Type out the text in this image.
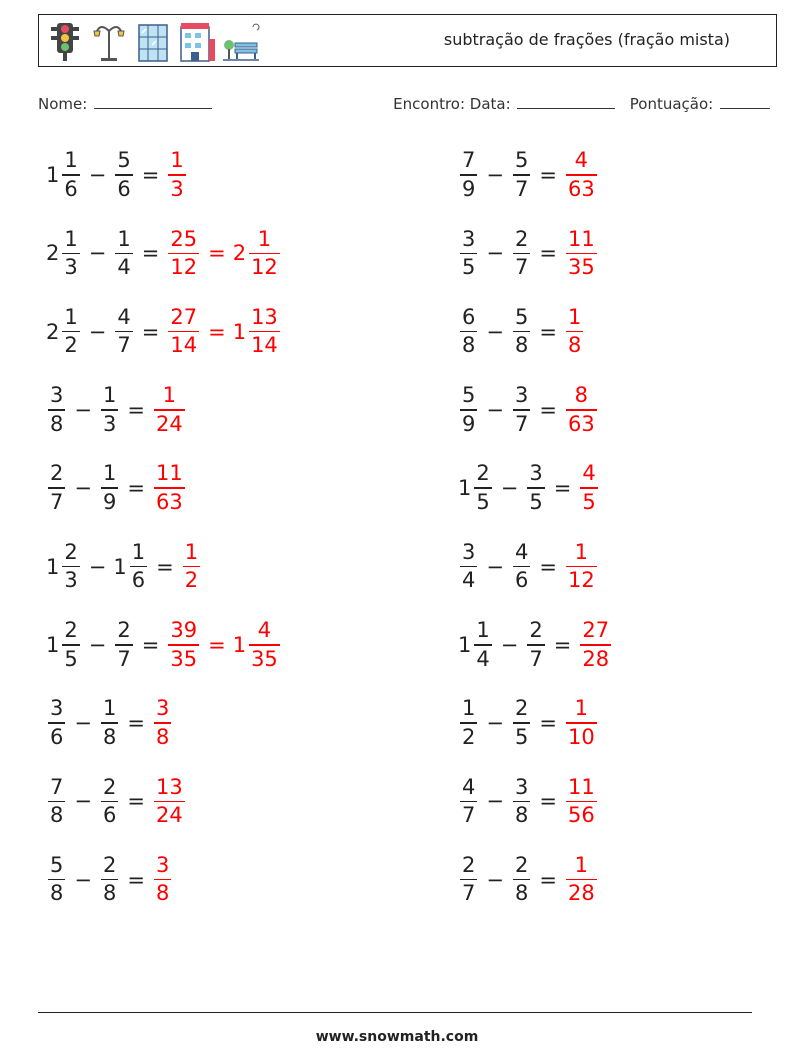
subtração de frações (fração mista)
Nome:	Encontro: Data:	Pontuação:
$1 \frac{1}{6} - \frac{5}{6} = \frac{1}{3}$
$2 \frac{1}{3} - \frac{1}{4} = \frac{25}{12} = 2 \frac{1}{12}$
$2 \frac{1}{2} - \frac{4}{7} = \frac{27}{14} = 1 \frac{13}{14}$
$\frac{3}{8} - \frac{1}{3} = \frac{1}{24}$
$\frac{2}{7} - \frac{1}{9} = \frac{11}{63}$
$1 \frac{2}{3} - 1 \frac{1}{6} = \frac{1}{2}$
$1 \frac{2}{5} - \frac{2}{7} = \frac{39}{35} = 1 \frac{4}{35}$
$\frac{3}{6} - \frac{1}{8} = \frac{3}{8}$
$\frac{7}{8} - \frac{2}{6} = \frac{13}{24}$
$\frac{5}{8} - \frac{2}{8} = \frac{3}{8}$
$\frac{7}{9} - \frac{5}{7} = \frac{4}{63}$
$\frac{3}{5} - \frac{2}{7} = \frac{11}{35}$
$\frac{6}{8} - \frac{5}{8} = \frac{1}{8}$
$\frac{5}{9} - \frac{3}{7} = \frac{8}{63}$
$1 \frac{2}{5} - \frac{3}{5} = \frac{4}{5}$
$\frac{3}{4} - \frac{4}{6} = \frac{1}{12}$
$1 \frac{1}{4} - \frac{2}{7} = \frac{27}{28}$
$\frac{1}{2} - \frac{2}{5} = \frac{1}{10}$
$\frac{4}{7} - \frac{3}{8} = \frac{11}{56}$
$\frac{2}{7} - \frac{2}{8} = \frac{1}{28}$
www.snowmath.com
